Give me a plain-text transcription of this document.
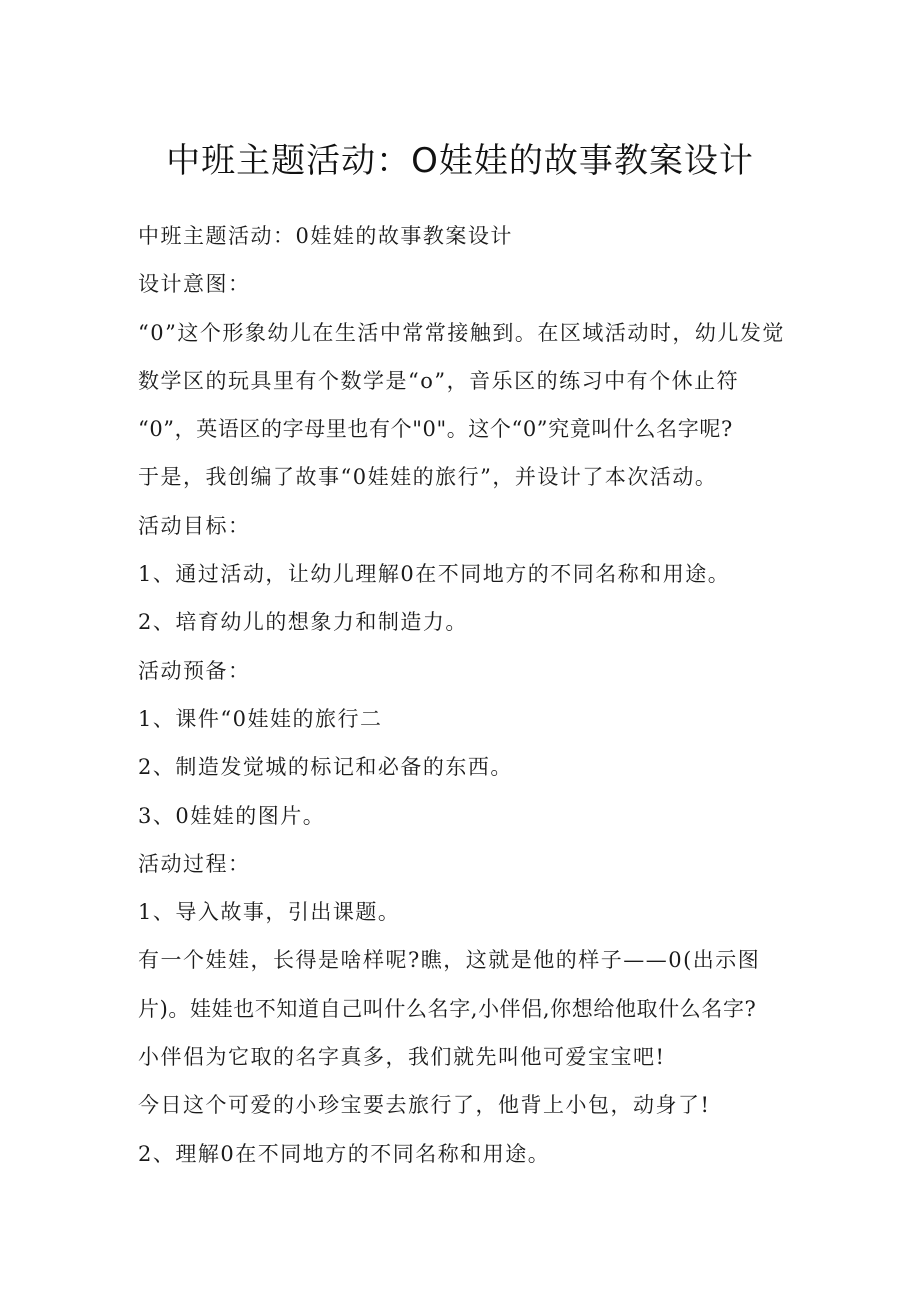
中班主题活动：O娃娃的故事教案设计
中班主题活动：0娃娃的故事教案设计
设计意图：
“0”这个形象幼儿在生活中常常接触到。在区域活动时，幼儿发觉
数学区的玩具里有个数学是“o”，音乐区的练习中有个休止符
“0”，英语区的字母里也有个"0"。这个“0”究竟叫什么名字呢?
于是，我创编了故事“0娃娃的旅行”，并设计了本次活动。
活动目标：
1、通过活动，让幼儿理解0在不同地方的不同名称和用途。
2、培育幼儿的想象力和制造力。
活动预备：
1、课件“0娃娃的旅行二
2、制造发觉城的标记和必备的东西。
3、0娃娃的图片。
活动过程：
1、导入故事，引出课题。
有一个娃娃，长得是啥样呢?瞧，这就是他的样子——0(出示图
片)。娃娃也不知道自己叫什么名字,小伴侣,你想给他取什么名字?
小伴侣为它取的名字真多，我们就先叫他可爱宝宝吧!
今日这个可爱的小珍宝要去旅行了，他背上小包，动身了!
2、理解0在不同地方的不同名称和用途。
